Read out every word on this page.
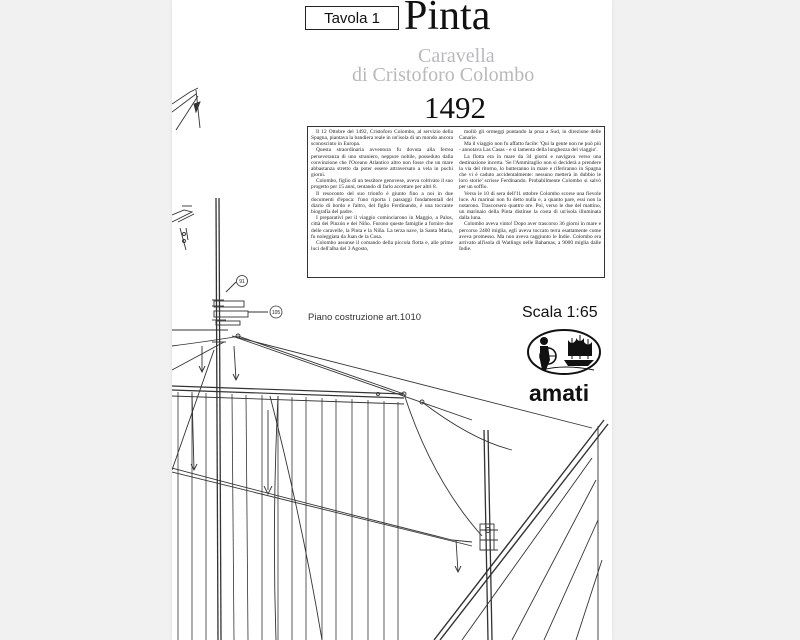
91
105
Tavola 1 Pinta
Caravella
di Cristoforo Colombo
1492

Il 12 Ottobre del 1492, Cristoforo Colombo, al servizio della Spagna, piantava la bandiera reale in un'isola di un mondo ancora sconosciuto in Europa.

Questa straordinaria avventura fu dovuta alla ferrea perseveranza di uno straniero, neppure nobile, posseduto dalla convinzione che l'Oceano Atlantico altro non fosse che un mare abbastanza stretto da poter essere attraversato a vela in pochi giorni.

Colombo, figlio di un tessitore genovese, aveva coltivato il suo progetto per 15 anni, tentando di farlo accettare per altri 8.

Il resoconto del suo trionfo è giunto fino a noi in due documenti d'epoca: l'uno riporta i passaggi fondamentali del diario di bordo e l'altro, del figlio Ferdinando, è una toccante biografia del padre.

I preparativi per il viaggio cominciarono in Maggio, a Palos, città dei Pinzón e dei Niño. Furono queste famiglie a fornire due delle caravelle, la Pinta e la Niña. La terza nave, la Santa Maria, fu noleggiata da Juan de la Cosa.

Colombo assunse il comando della piccola flotta e, alle prime luci dell'alba del 3 Agosto,

mollò gli ormeggi puntando la prua a Sud, in direzione delle Canarie.

Ma il viaggio non fu affatto facile: 'Qui la gente non ne può più - annotava Las Casas - e si lamenta della lunghezza del viaggio'.

La flotta era in mare da 34 giorni e navigava verso una destinazione incerta. 'Se l'Ammiraglio non si deciderà a prendere la via del ritorno, lo butteranno in mare e riferiranno in Spagna che vi è caduto accidentalmente: nessuno metterà in dubbio le loro storie' scrisse Ferdinando. Probabilmente Colombo si salvò per un soffio.

Verso le 10 di sera dell'11 ottobre Colombo scorse una fievole luce. Ai marinai non fu detto nulla e, a quanto pare, essi non la notarono. Trascorsero quattro ore. Poi, verso le due del mattino, un marinaio della Pinta distinse la costa di un'isola illuminata dalla luna.

Colombo aveva vinto! Dopo aver trascorso 36 giorni in mare e percorso 2400 miglia, egli aveva toccato terra esattamente come aveva promesso. Ma non aveva raggiunto le Indie. Colombo era arrivato all'isola di Watlings nelle Bahamas, a 9000 miglia dalle Indie.

Piano costruzione art.1010	Scala 1:65
amati
